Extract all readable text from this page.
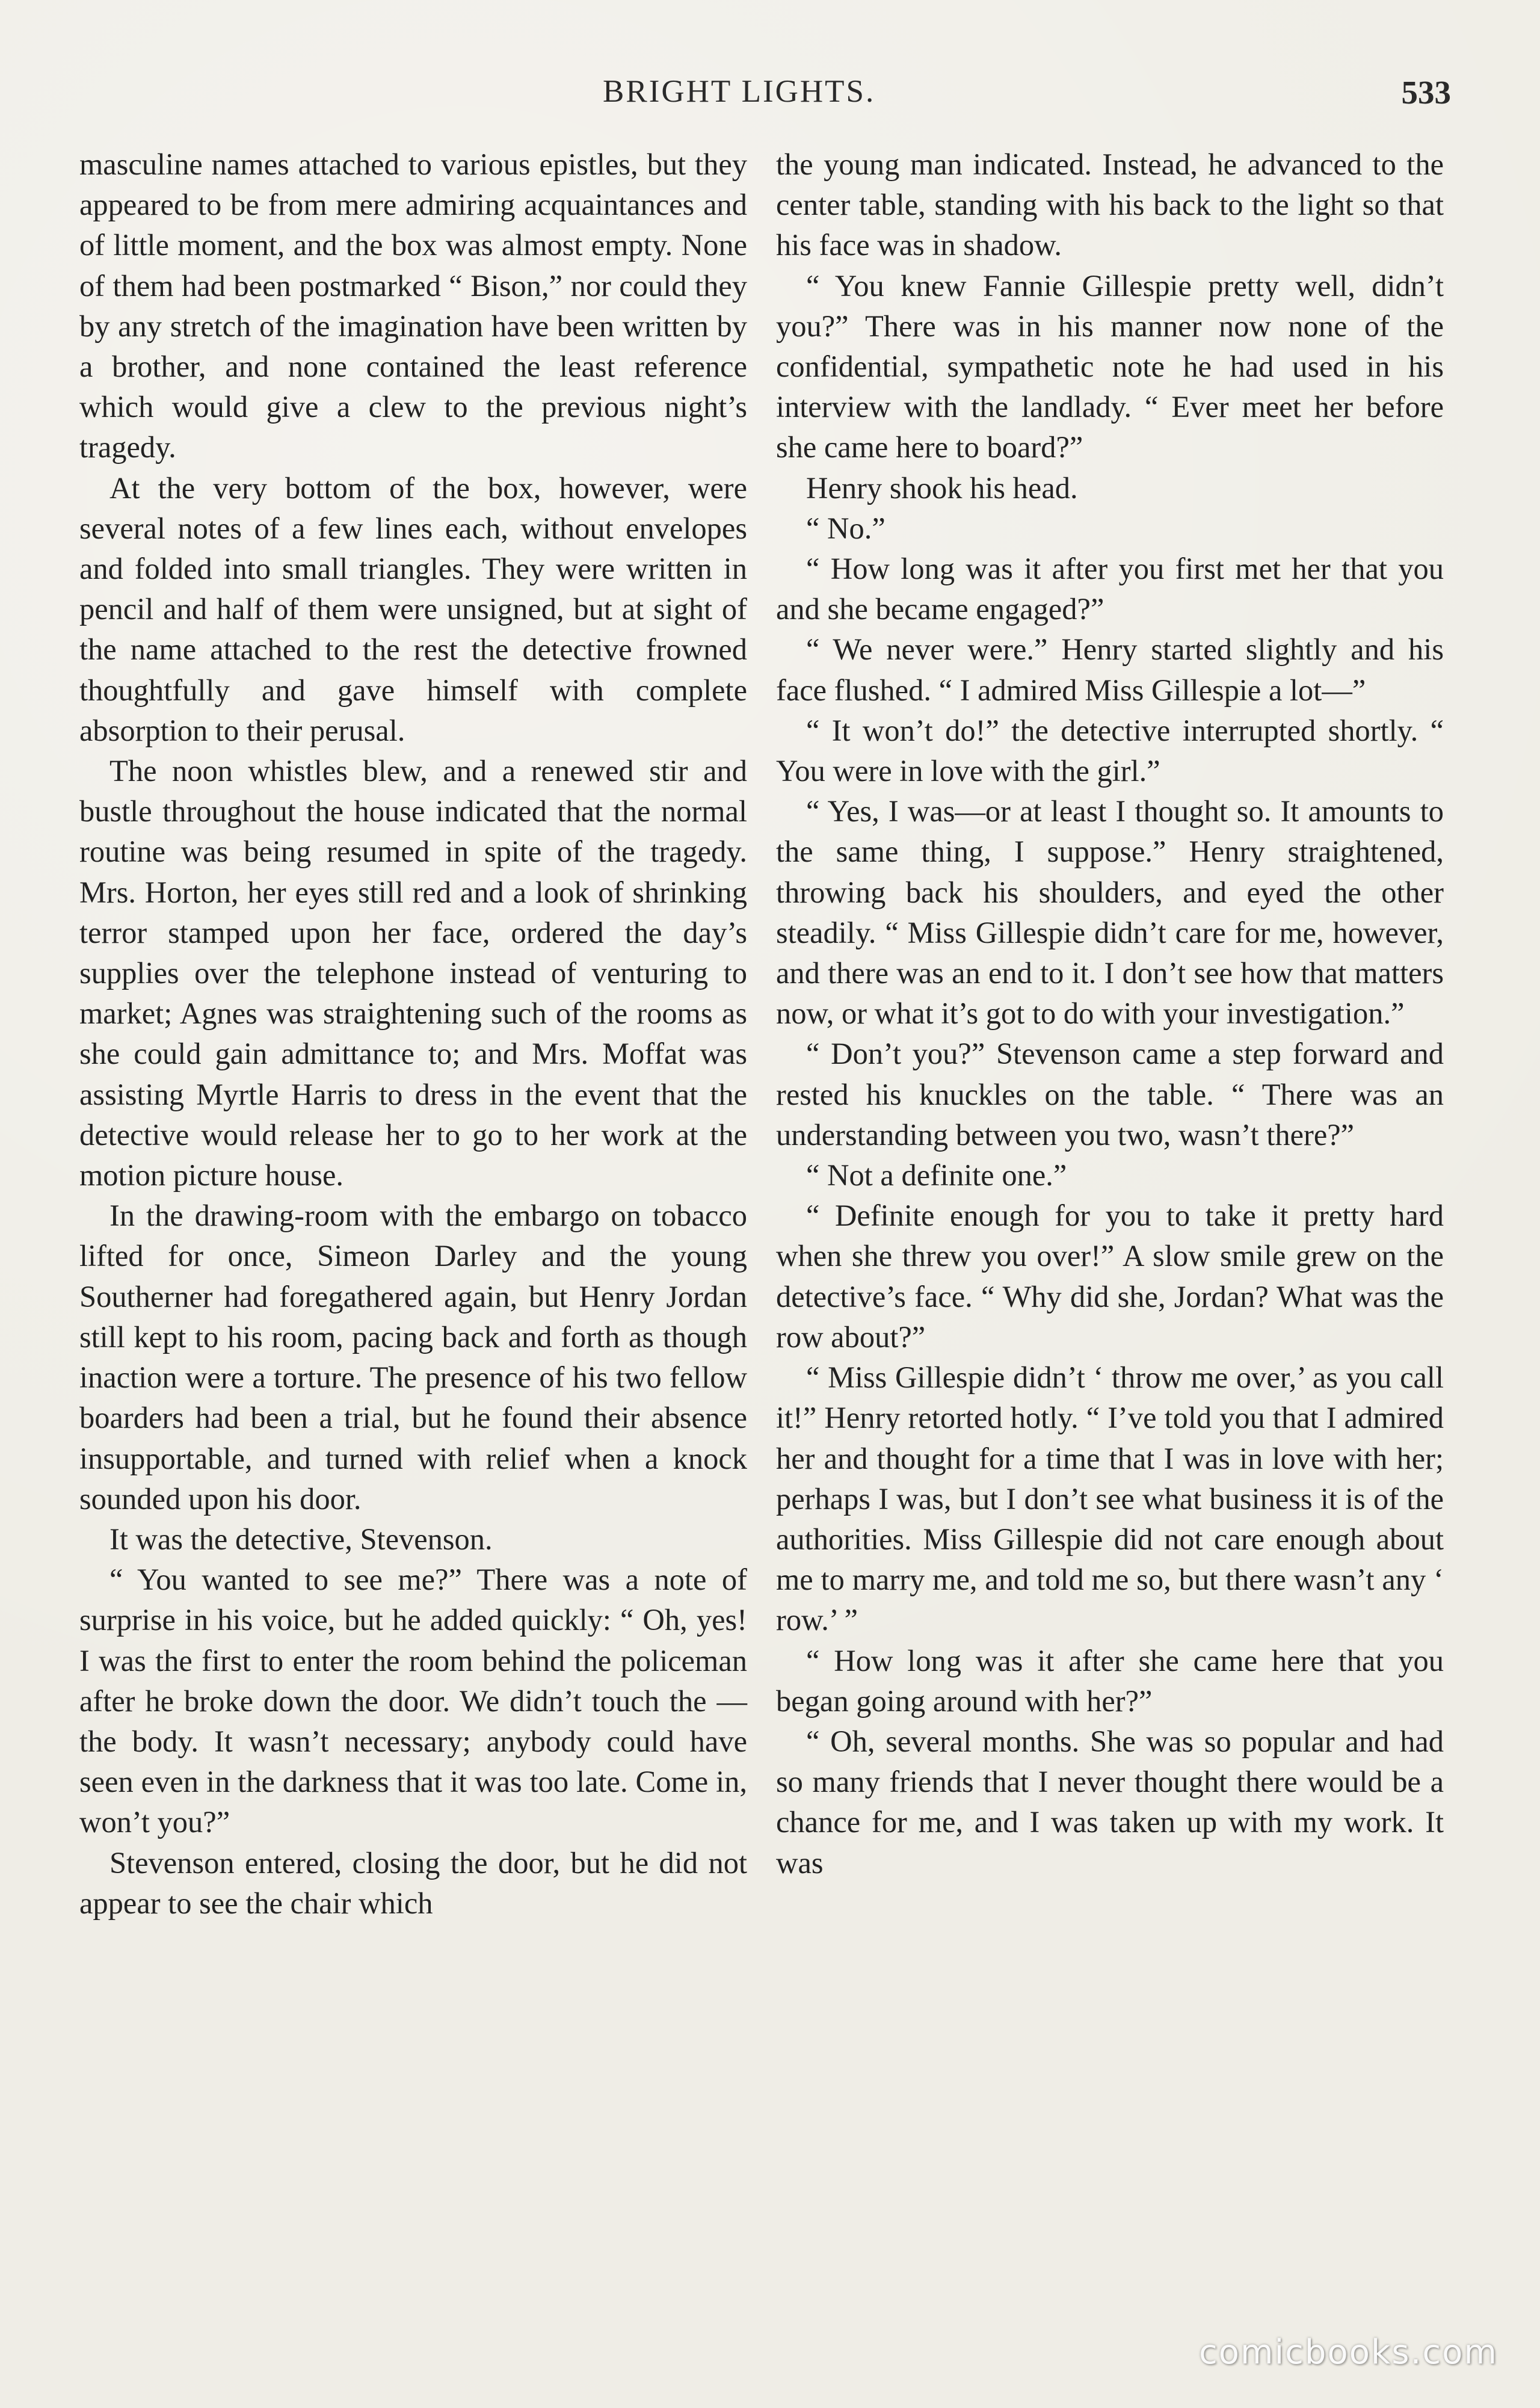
BRIGHT LIGHTS.	533

masculine names attached to various epistles, but they appeared to be from mere admiring acquaintances and of little moment, and the box was almost empty. None of them had been postmarked “ Bison,” nor could they by any stretch of the imagination have been written by a brother, and none contained the least reference which would give a clew to the previous night’s tragedy.

At the very bottom of the box, however, were several notes of a few lines each, without envelopes and folded into small triangles. They were written in pencil and half of them were unsigned, but at sight of the name attached to the rest the detective frowned thoughtfully and gave himself with complete absorption to their perusal.

The noon whistles blew, and a renewed stir and bustle throughout the house indicated that the normal routine was being resumed in spite of the tragedy. Mrs. Horton, her eyes still red and a look of shrinking terror stamped upon her face, ordered the day’s supplies over the telephone instead of venturing to market; Agnes was straightening such of the rooms as she could gain admittance to; and Mrs. Moffat was assisting Myrtle Harris to dress in the event that the detective would release her to go to her work at the motion picture house.

In the drawing-room with the embargo on tobacco lifted for once, Simeon Darley and the young Southerner had foregathered again, but Henry Jordan still kept to his room, pacing back and forth as though inaction were a torture. The presence of his two fellow boarders had been a trial, but he found their absence insupportable, and turned with relief when a knock sounded upon his door.

It was the detective, Stevenson.

“ You wanted to see me?” There was a note of surprise in his voice, but he added quickly: “ Oh, yes! I was the first to enter the room behind the policeman after he broke down the door. We didn’t touch the —the body. It wasn’t necessary; anybody could have seen even in the darkness that it was too late. Come in, won’t you?”

Stevenson entered, closing the door, but he did not appear to see the chair which

the young man indicated. Instead, he advanced to the center table, standing with his back to the light so that his face was in shadow.

“ You knew Fannie Gillespie pretty well, didn’t you?” There was in his manner now none of the confidential, sympathetic note he had used in his interview with the landlady. “ Ever meet her before she came here to board?”

Henry shook his head.

“ No.”

“ How long was it after you first met her that you and she became engaged?”

“ We never were.” Henry started slightly and his face flushed. “ I admired Miss Gillespie a lot—”

“ It won’t do!” the detective interrupted shortly. “ You were in love with the girl.”

“ Yes, I was—or at least I thought so. It amounts to the same thing, I suppose.” Henry straightened, throwing back his shoulders, and eyed the other steadily. “ Miss Gillespie didn’t care for me, however, and there was an end to it. I don’t see how that matters now, or what it’s got to do with your investigation.”

“ Don’t you?” Stevenson came a step forward and rested his knuckles on the table. “ There was an understanding between you two, wasn’t there?”

“ Not a definite one.”

“ Definite enough for you to take it pretty hard when she threw you over!” A slow smile grew on the detective’s face. “ Why did she, Jordan? What was the row about?”

“ Miss Gillespie didn’t ‘ throw me over,’ as you call it!” Henry retorted hotly. “ I’ve told you that I admired her and thought for a time that I was in love with her; perhaps I was, but I don’t see what business it is of the authorities. Miss Gillespie did not care enough about me to marry me, and told me so, but there wasn’t any ‘ row.’ ”

“ How long was it after she came here that you began going around with her?”

“ Oh, several months. She was so popular and had so many friends that I never thought there would be a chance for me, and I was taken up with my work. It was

comicbooks.com
